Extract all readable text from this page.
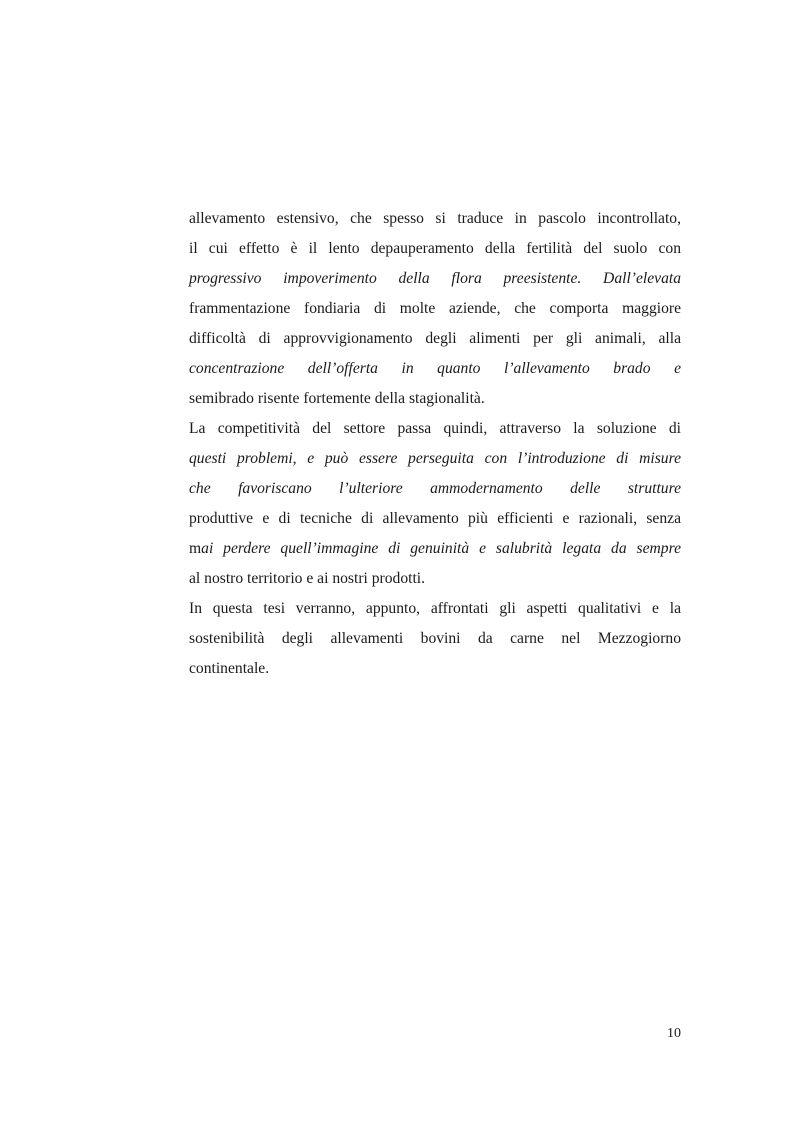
allevamento estensivo, che spesso si traduce in pascolo incontrollato,
il cui effetto è il lento depauperamento della fertilità del suolo con
progressivo impoverimento della flora preesistente. Dall’elevata
frammentazione fondiaria di molte aziende, che comporta maggiore
difficoltà di approvvigionamento degli alimenti per gli animali, alla
concentrazione dell’offerta in quanto l’allevamento brado e
semibrado risente fortemente della stagionalità.
La competitività del settore passa quindi, attraverso la soluzione di
questi problemi, e può essere perseguita con l’introduzione di misure
che favoriscano l’ulteriore ammodernamento delle strutture
produttive e di tecniche di allevamento più efficienti e razionali, senza
mai perdere quell’immagine di genuinità e salubrità legata da sempre
al nostro territorio e ai nostri prodotti.
In questa tesi verranno, appunto, affrontati gli aspetti qualitativi e la
sostenibilità degli allevamenti bovini da carne nel Mezzogiorno
continentale.
10
